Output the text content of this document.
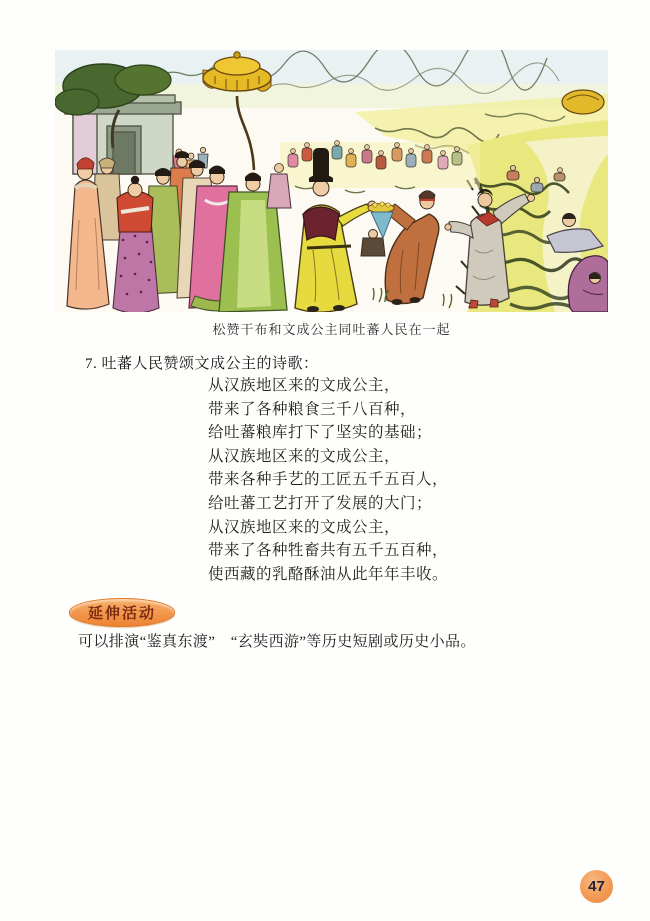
松赞干布和文成公主同吐蕃人民在一起
7. 吐蕃人民赞颂文成公主的诗歌：
从汉族地区来的文成公主，
带来了各种粮食三千八百种，
给吐蕃粮库打下了坚实的基础；
从汉族地区来的文成公主，
带来各种手艺的工匠五千五百人，
给吐蕃工艺打开了发展的大门；
从汉族地区来的文成公主，
带来了各种牲畜共有五千五百种，
使西藏的乳酪酥油从此年年丰收。
延伸活动
可以排演“鉴真东渡”　“玄奘西游”等历史短剧或历史小品。
47
